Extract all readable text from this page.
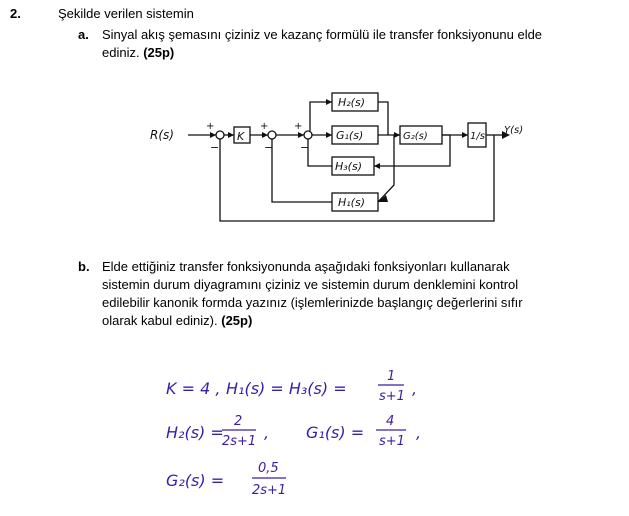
2.	Şekilde verilen sistemin
a. Sinyal akış şemasını çiziniz ve kazanç formülü ile transfer fonksiyonunu elde
ediniz. (25p)
R(s)	Y(s)
K	G₁(s)	G₂(s)
H₂(s)
H₃(s)
H₁(s)
1/s
+
−
+
−
+
−
b. Elde ettiğiniz transfer fonksiyonunda aşağıdaki fonksiyonları kullanarak
sistemin durum diyagramını çiziniz ve sistemin durum denklemini kontrol
edilebilir kanonik formda yazınız (işlemlerinizde başlangıç değerlerini sıfır
olarak kabul ediniz). (25p)
K = 4 , H₁(s) = H₃(s) =
1
s+1 ,
H₂(s) =
2
2s+1 , G₁(s) =
4
s+1 ,
G₂(s) =
0,5
2s+1
